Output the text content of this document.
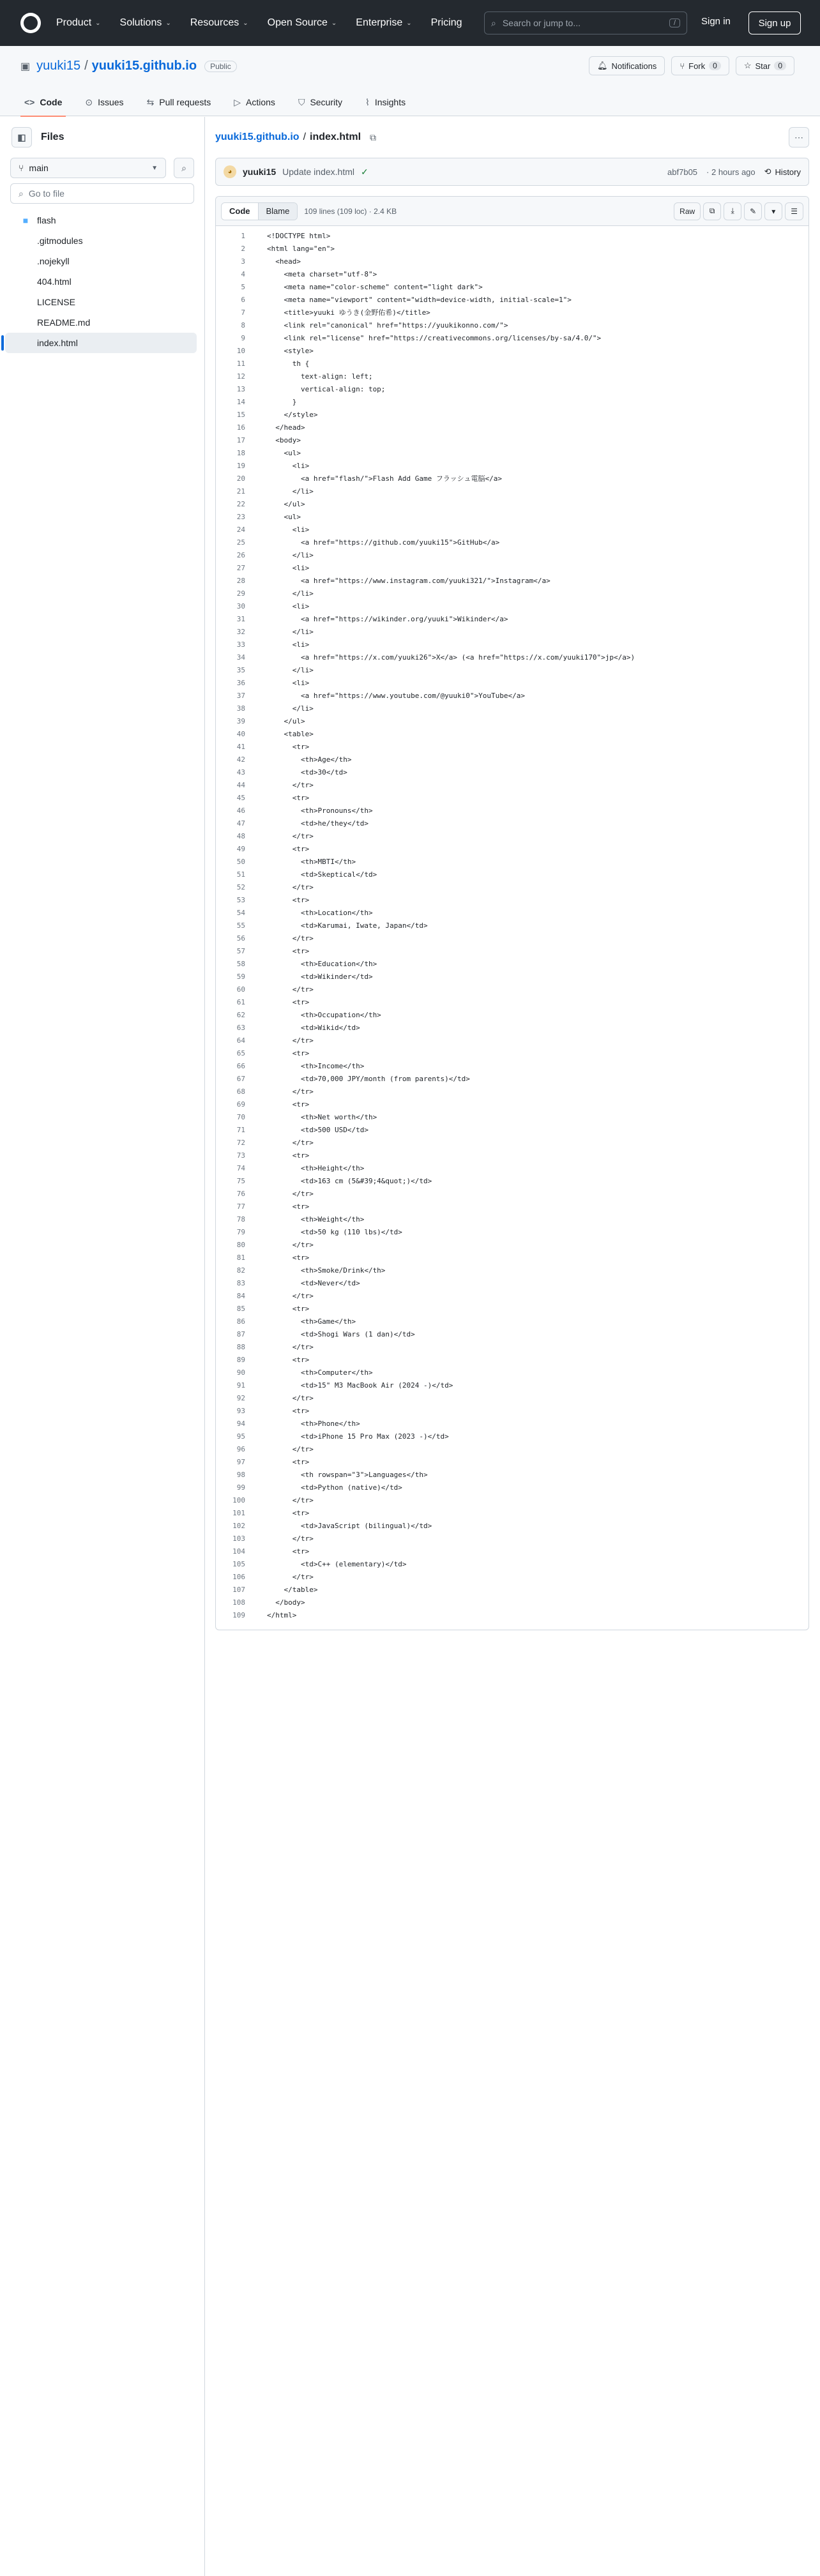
Product ⌄ Solutions ⌄ Resources ⌄ Open Source ⌄ Enterprise ⌄ Pricing	⌕ Search or jump to...	/	Sign in	Sign up
▣ yuuki15 / yuuki15.github.io	Public	🔔︎ Notifications	⑂ Fork	0	☆ Star	0
<> Code	⊙ Issues	⇆ Pull requests	▷ Actions	⛉ Security	⌇ Insights
◧	Files
⑂ main	▼	⌕
⌕ Go to file
■ flash
.gitmodules
.nojekyll
404.html
LICENSE
README.md
index.html
yuuki15.github.io / index.html ⧉	⋯
◕	yuuki15 Update index.html ✓	abf7b05 · 2 hours ago ⟲ History
Code	Blame	109 lines (109 loc) · 2.4 KB	Raw	⧉	⤓	✎	▾	☰
1	<!DOCTYPE html>
2	<html lang="en">
3	<head>
4	<meta charset="utf-8">
5	<meta name="color-scheme" content="light dark">
6	<meta name="viewport" content="width=device-width, initial-scale=1">
7	<title>yuuki ゆうき(金野佑希)</title>
8	<link rel="canonical" href="https://yuukikonno.com/">
9	<link rel="license" href="https://creativecommons.org/licenses/by-sa/4.0/">
10	<style>
11	th {
12	text-align: left;
13	vertical-align: top;
14	}
15	</style>
16	</head>
17	<body>
18	<ul>
19	<li>
20	<a href="flash/">Flash Add Game フラッシュ電脳</a>
21	</li>
22	</ul>
23	<ul>
24	<li>
25	<a href="https://github.com/yuuki15">GitHub</a>
26	</li>
27	<li>
28	<a href="https://www.instagram.com/yuuki321/">Instagram</a>
29	</li>
30	<li>
31	<a href="https://wikinder.org/yuuki">Wikinder</a>
32	</li>
33	<li>
34	<a href="https://x.com/yuuki26">X</a> (<a href="https://x.com/yuuki170">jp</a>)
35	</li>
36	<li>
37	<a href="https://www.youtube.com/@yuuki0">YouTube</a>
38	</li>
39	</ul>
40	<table>
41	<tr>
42	<th>Age</th>
43	<td>30</td>
44	</tr>
45	<tr>
46	<th>Pronouns</th>
47	<td>he/they</td>
48	</tr>
49	<tr>
50	<th>MBTI</th>
51	<td>Skeptical</td>
52	</tr>
53	<tr>
54	<th>Location</th>
55	<td>Karumai, Iwate, Japan</td>
56	</tr>
57	<tr>
58	<th>Education</th>
59	<td>Wikinder</td>
60	</tr>
61	<tr>
62	<th>Occupation</th>
63	<td>Wikid</td>
64	</tr>
65	<tr>
66	<th>Income</th>
67	<td>70,000 JPY/month (from parents)</td>
68	</tr>
69	<tr>
70	<th>Net worth</th>
71	<td>500 USD</td>
72	</tr>
73	<tr>
74	<th>Height</th>
75	<td>163 cm (5&#39;4&quot;)</td>
76	</tr>
77	<tr>
78	<th>Weight</th>
79	<td>50 kg (110 lbs)</td>
80	</tr>
81	<tr>
82	<th>Smoke/Drink</th>
83	<td>Never</td>
84	</tr>
85	<tr>
86	<th>Game</th>
87	<td>Shogi Wars (1 dan)</td>
88	</tr>
89	<tr>
90	<th>Computer</th>
91	<td>15" M3 MacBook Air (2024 -)</td>
92	</tr>
93	<tr>
94	<th>Phone</th>
95	<td>iPhone 15 Pro Max (2023 -)</td>
96	</tr>
97	<tr>
98	<th rowspan="3">Languages</th>
99	<td>Python (native)</td>
100	</tr>
101	<tr>
102	<td>JavaScript (bilingual)</td>
103	</tr>
104	<tr>
105	<td>C++ (elementary)</td>
106	</tr>
107	</table>
108	</body>
109	</html>
